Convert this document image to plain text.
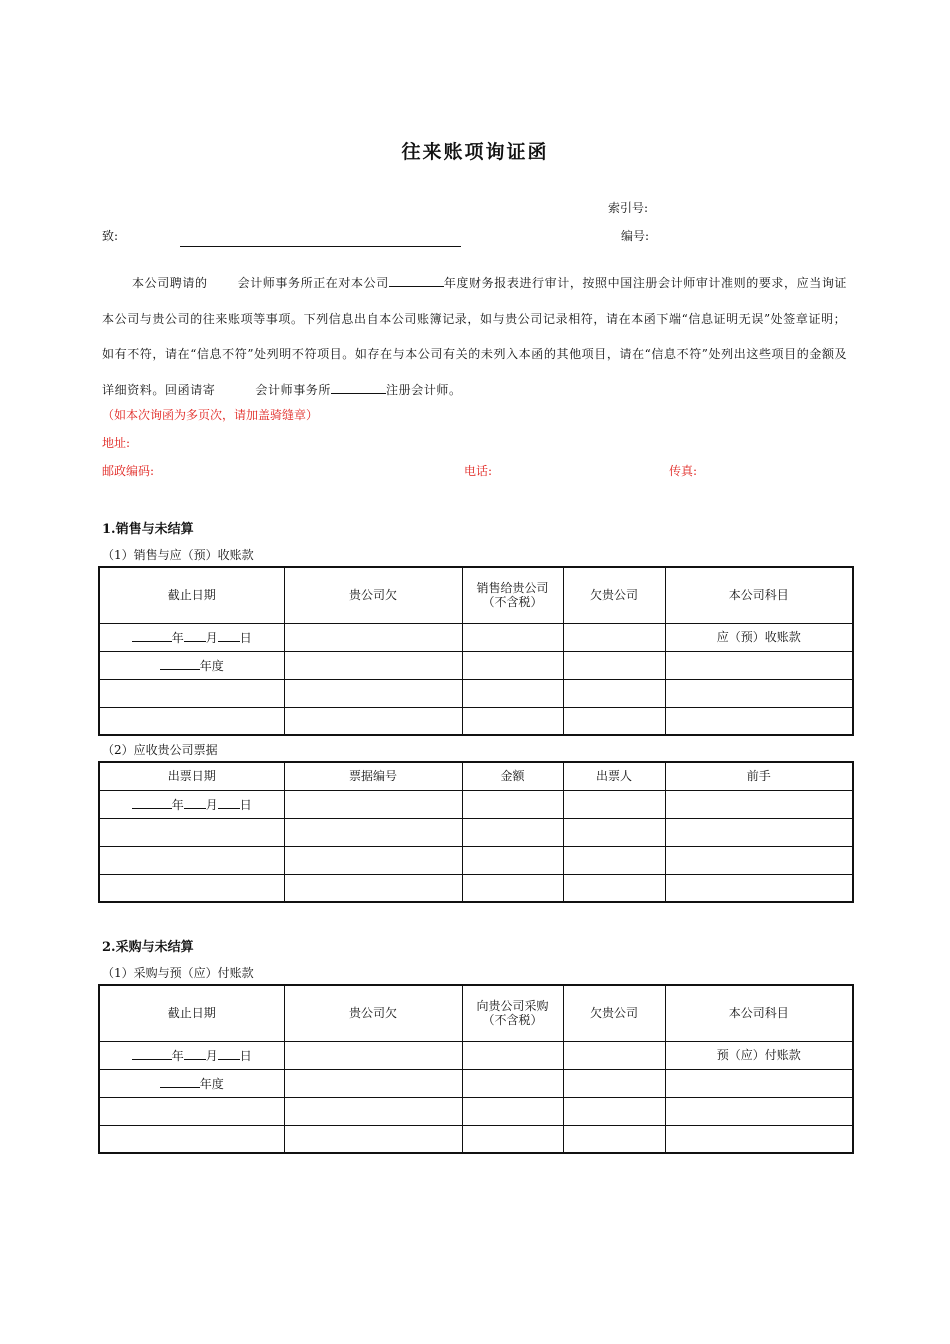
往来账项询证函
索引号:
致:	编号:
本公司聘请的	会计师事务所正在对本公司	年度财务报表进行审计，按照中国注册会计师审计准则的要求，应当询证本公司与贵公司的往来账项等事项。下列信息出自本公司账簿记录，如与贵公司记录相符，请在本函下端“信息证明无误”处签章证明；如有不符，请在“信息不符”处列明不符项目。如存在与本公司有关的未列入本函的其他项目，请在“信息不符”处列出这些项目的金额及详细资料。回函请寄	会计师事务所	注册会计师。
（如本次询函为多页次，请加盖骑缝章）
地址:
邮政编码:	电话:	传真:
1.销售与未结算
（1）销售与应（预）收账款
截止日期	贵公司欠	销售给贵公司（不含税）	欠贵公司	本公司科目
年 月 日				应（预）收账款
年度				

（2）应收贵公司票据
出票日期	票据编号	金额	出票人	前手
年 月 日				

2.采购与未结算
（1）采购与预（应）付账款
截止日期	贵公司欠	向贵公司采购（不含税）	欠贵公司	本公司科目
年 月 日				预（应）付账款
年度				
